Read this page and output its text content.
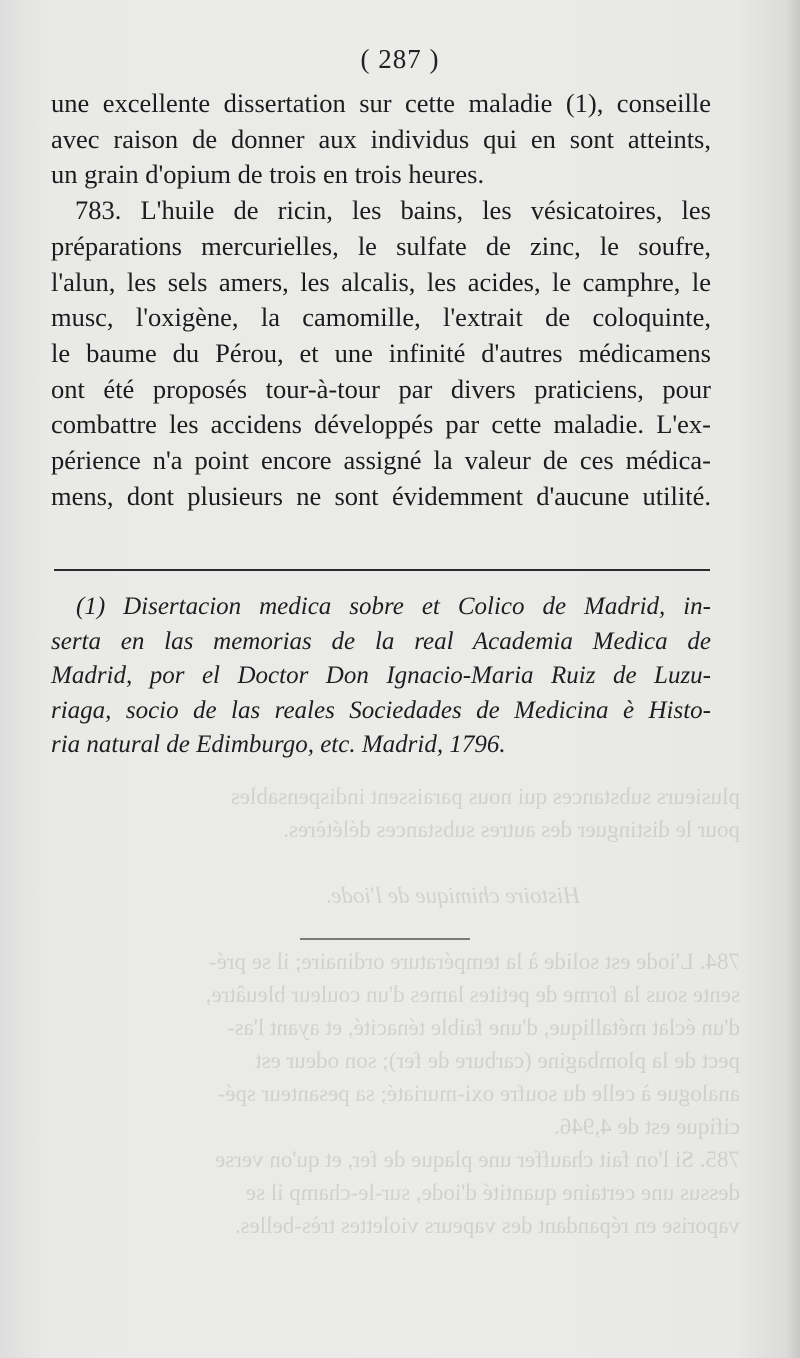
( 287 )
une excellente dissertation sur cette maladie (1), conseille
avec raison de donner aux individus qui en sont atteints,
un grain d'opium de trois en trois heures.
783. L'huile de ricin, les bains, les vésicatoires, les
préparations mercurielles, le sulfate de zinc, le soufre,
l'alun, les sels amers, les alcalis, les acides, le camphre, le
musc, l'oxigène, la camomille, l'extrait de coloquinte,
le baume du Pérou, et une infinité d'autres médicamens
ont été proposés tour-à-tour par divers praticiens, pour
combattre les accidens développés par cette maladie. L'ex-
périence n'a point encore assigné la valeur de ces médica-
mens, dont plusieurs ne sont évidemment d'aucune utilité.
(1) Disertacion medica sobre et Colico de Madrid, in-
serta en las memorias de la real Academia Medica de
Madrid, por el Doctor Don Ignacio-Maria Ruiz de Luzu-
riaga, socio de las reales Sociedades de Medicina è Histo-
ria natural de Edimburgo, etc. Madrid, 1796.
plusieurs substances qui nous paraissent indispensables
pour le distinguer des autres substances délétères.

Histoire chimique de l'iode.

784. L'iode est solide à la température ordinaire; il se pré-
sente sous la forme de petites lames d'un couleur bleuâtre,
d'un éclat métallique, d'une faible ténacité, et ayant l'as-
pect de la plombagine (carbure de fer); son odeur est
analogue à celle du soufre oxi-muriaté; sa pesanteur spé-
cifique est de 4,946.
785. Si l'on fait chauffer une plaque de fer, et qu'on verse
dessus une certaine quantité d'iode, sur-le-champ il se
vaporise en répandant des vapeurs violettes très-belles.
